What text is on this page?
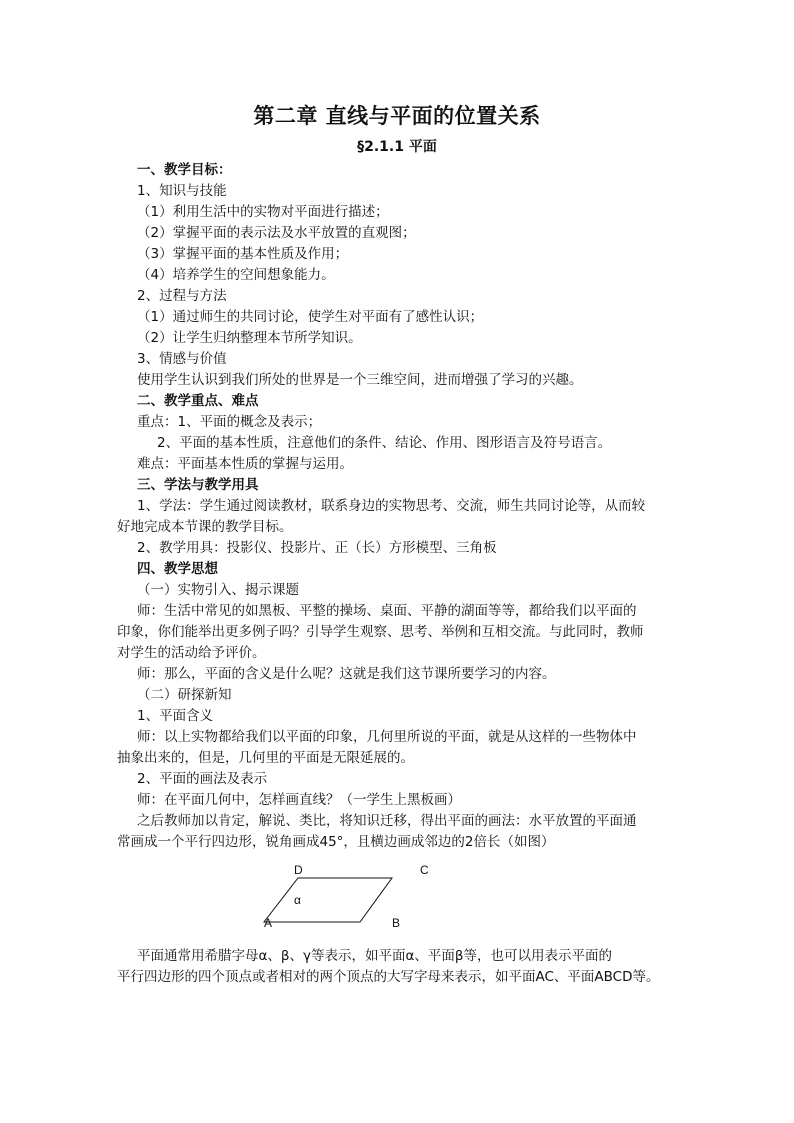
第二章 直线与平面的位置关系
§2.1.1 平面
一、教学目标：
1、知识与技能
（1）利用生活中的实物对平面进行描述；
（2）掌握平面的表示法及水平放置的直观图；
（3）掌握平面的基本性质及作用；
（4）培养学生的空间想象能力。
2、过程与方法
（1）通过师生的共同讨论，使学生对平面有了感性认识；
（2）让学生归纳整理本节所学知识。
3、情感与价值
使用学生认识到我们所处的世界是一个三维空间，进而增强了学习的兴趣。
二、教学重点、难点
重点：1、平面的概念及表示；
2、平面的基本性质，注意他们的条件、结论、作用、图形语言及符号语言。
难点：平面基本性质的掌握与运用。
三、学法与教学用具
1、学法：学生通过阅读教材，联系身边的实物思考、交流，师生共同讨论等，从而较
好地完成本节课的教学目标。
2、教学用具：投影仪、投影片、正（长）方形模型、三角板
四、教学思想
（一）实物引入、揭示课题
师：生活中常见的如黑板、平整的操场、桌面、平静的湖面等等，都给我们以平面的
印象，你们能举出更多例子吗？引导学生观察、思考、举例和互相交流。与此同时，教师
对学生的活动给予评价。
师：那么，平面的含义是什么呢？这就是我们这节课所要学习的内容。
（二）研探新知
1、平面含义
师：以上实物都给我们以平面的印象，几何里所说的平面，就是从这样的一些物体中
抽象出来的，但是，几何里的平面是无限延展的。
2、平面的画法及表示
师：在平面几何中，怎样画直线？（一学生上黑板画）
之后教师加以肯定，解说、类比，将知识迁移，得出平面的画法：水平放置的平面通
常画成一个平行四边形，锐角画成45°，且横边画成邻边的2倍长（如图）
D	C
A	B
α
平面通常用希腊字母α、β、γ等表示，如平面α、平面β等，也可以用表示平面的
平行四边形的四个顶点或者相对的两个顶点的大写字母来表示，如平面AC、平面ABCD等。
